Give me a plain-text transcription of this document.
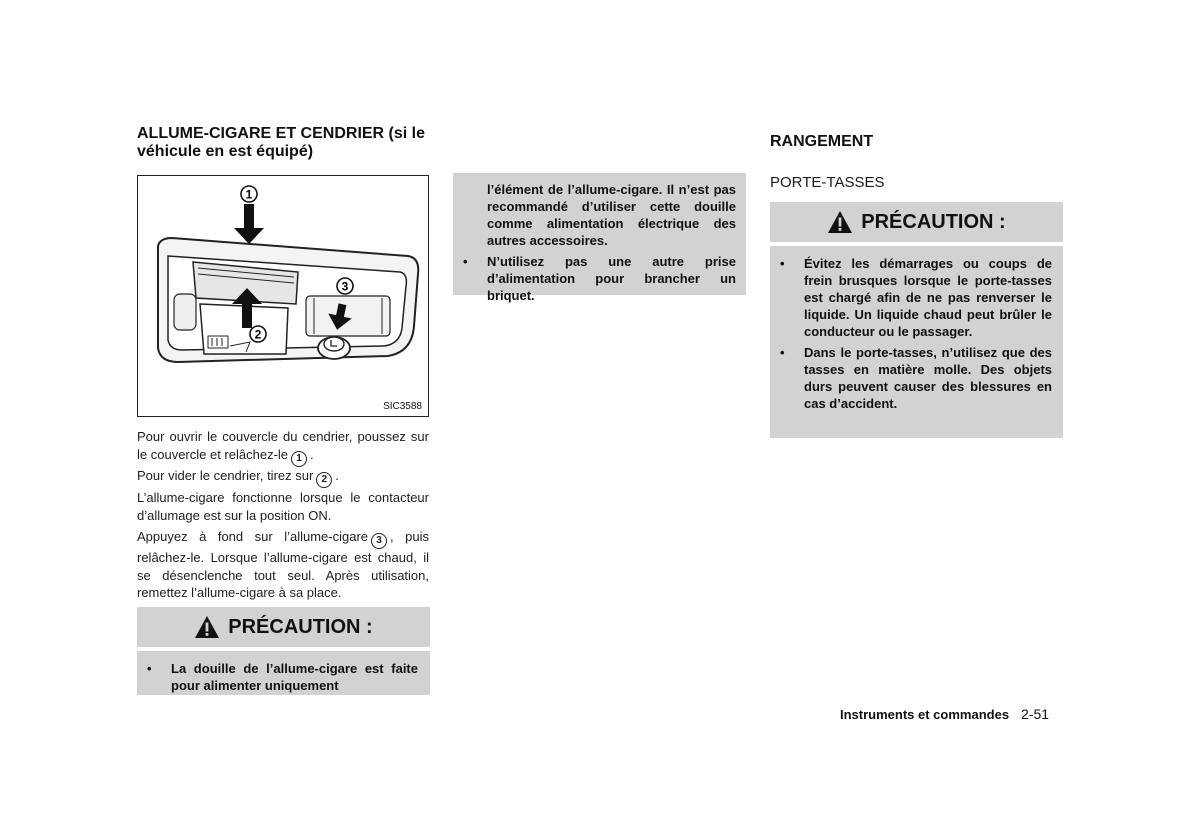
ALLUME-CIGARE ET CENDRIER (si le véhicule en est équipé)
1
2
3
SIC3588
Pour ouvrir le couvercle du cendrier, poussez sur le couvercle et relâchez-le 1 .
Pour vider le cendrier, tirez sur 2 .
L’allume-cigare fonctionne lorsque le contacteur d’allumage est sur la position ON.
Appuyez à fond sur l’allume-cigare 3 , puis relâchez-le. Lorsque l’allume-cigare est chaud, il se désenclenche tout seul. Après utilisation, remettez l’allume-cigare à sa place.
PRÉCAUTION :
• La douille de l’allume-cigare est faite pour alimenter uniquement
l’élément de l’allume-cigare. Il n’est pas recommandé d’utiliser cette douille comme alimentation électrique des autres accessoires.
• N’utilisez pas une autre prise d’alimentation pour brancher un briquet.
RANGEMENT
PORTE-TASSES
PRÉCAUTION :
• Évitez les démarrages ou coups de frein brusques lorsque le porte-tasses est chargé afin de ne pas renverser le liquide. Un liquide chaud peut brûler le conducteur ou le passager.
• Dans le porte-tasses, n’utilisez que des tasses en matière molle. Des objets durs peuvent causer des blessures en cas d’accident.
Instruments et commandes 2-51
